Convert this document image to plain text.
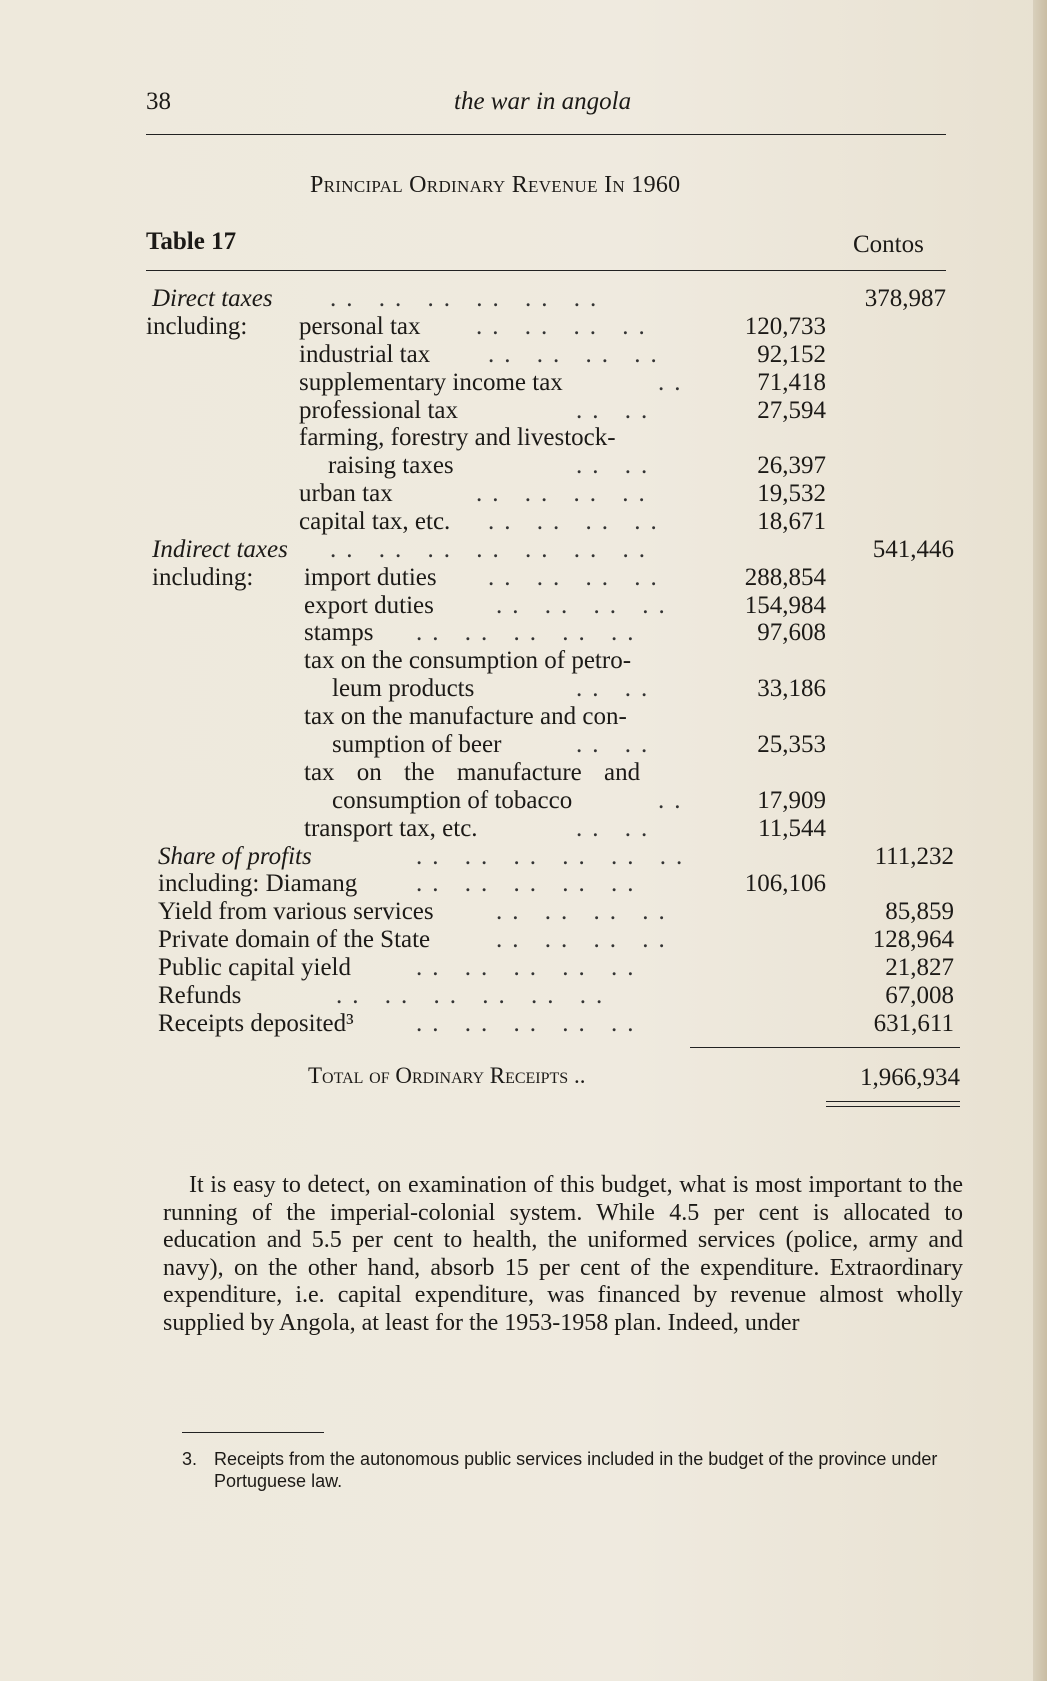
38	the war in angola
Principal Ordinary Revenue In 1960
Table 17	Contos
Direct taxes .. .. .. .. .. ..	378,987
including: personal tax .. .. .. ..	120,733
industrial tax .. .. .. ..	92,152
supplementary income tax	..	71,418
professional tax	.. ..	27,594
farming, forestry and livestock-
raising taxes	.. ..	26,397
urban tax	.. .. .. ..	19,532
capital tax, etc. .. .. .. ..	18,671
Indirect taxes .. .. .. .. .. .. ..	541,446
including: import duties .. .. .. ..	288,854
export duties .. .. .. ..	154,984
stamps .. .. .. .. ..	97,608
tax on the consumption of petro-
leum products	.. ..	33,186
tax on the manufacture and con-
sumption of beer	.. ..	25,353
tax on the manufacture and
consumption of tobacco	..	17,909
transport tax, etc.	.. ..	11,544
Share of profits	.. .. .. .. .. ..	111,232
including: Diamang .. .. .. .. ..	106,106
Yield from various services .. .. .. ..	85,859
Private domain of the State	.. .. .. ..	128,964
Public capital yield	.. .. .. .. ..	21,827
Refunds	.. .. .. .. .. ..	67,008
Receipts deposited³ .. .. .. .. ..	631,611
Total of Ordinary Receipts ..	1,966,934

It is easy to detect, on examination of this budget, what is most important to the running of the imperial-colonial system. While 4.5 per cent is allocated to education and 5.5 per cent to health, the uniformed services (police, army and navy), on the other hand, absorb 15 per cent of the expenditure. Extraordinary expenditure, i.e. capital expenditure, was financed by revenue almost wholly supplied by Angola, at least for the 1953-1958 plan. Indeed, under

3. Receipts from the autonomous public services included in the budget of the province under Portuguese law.
